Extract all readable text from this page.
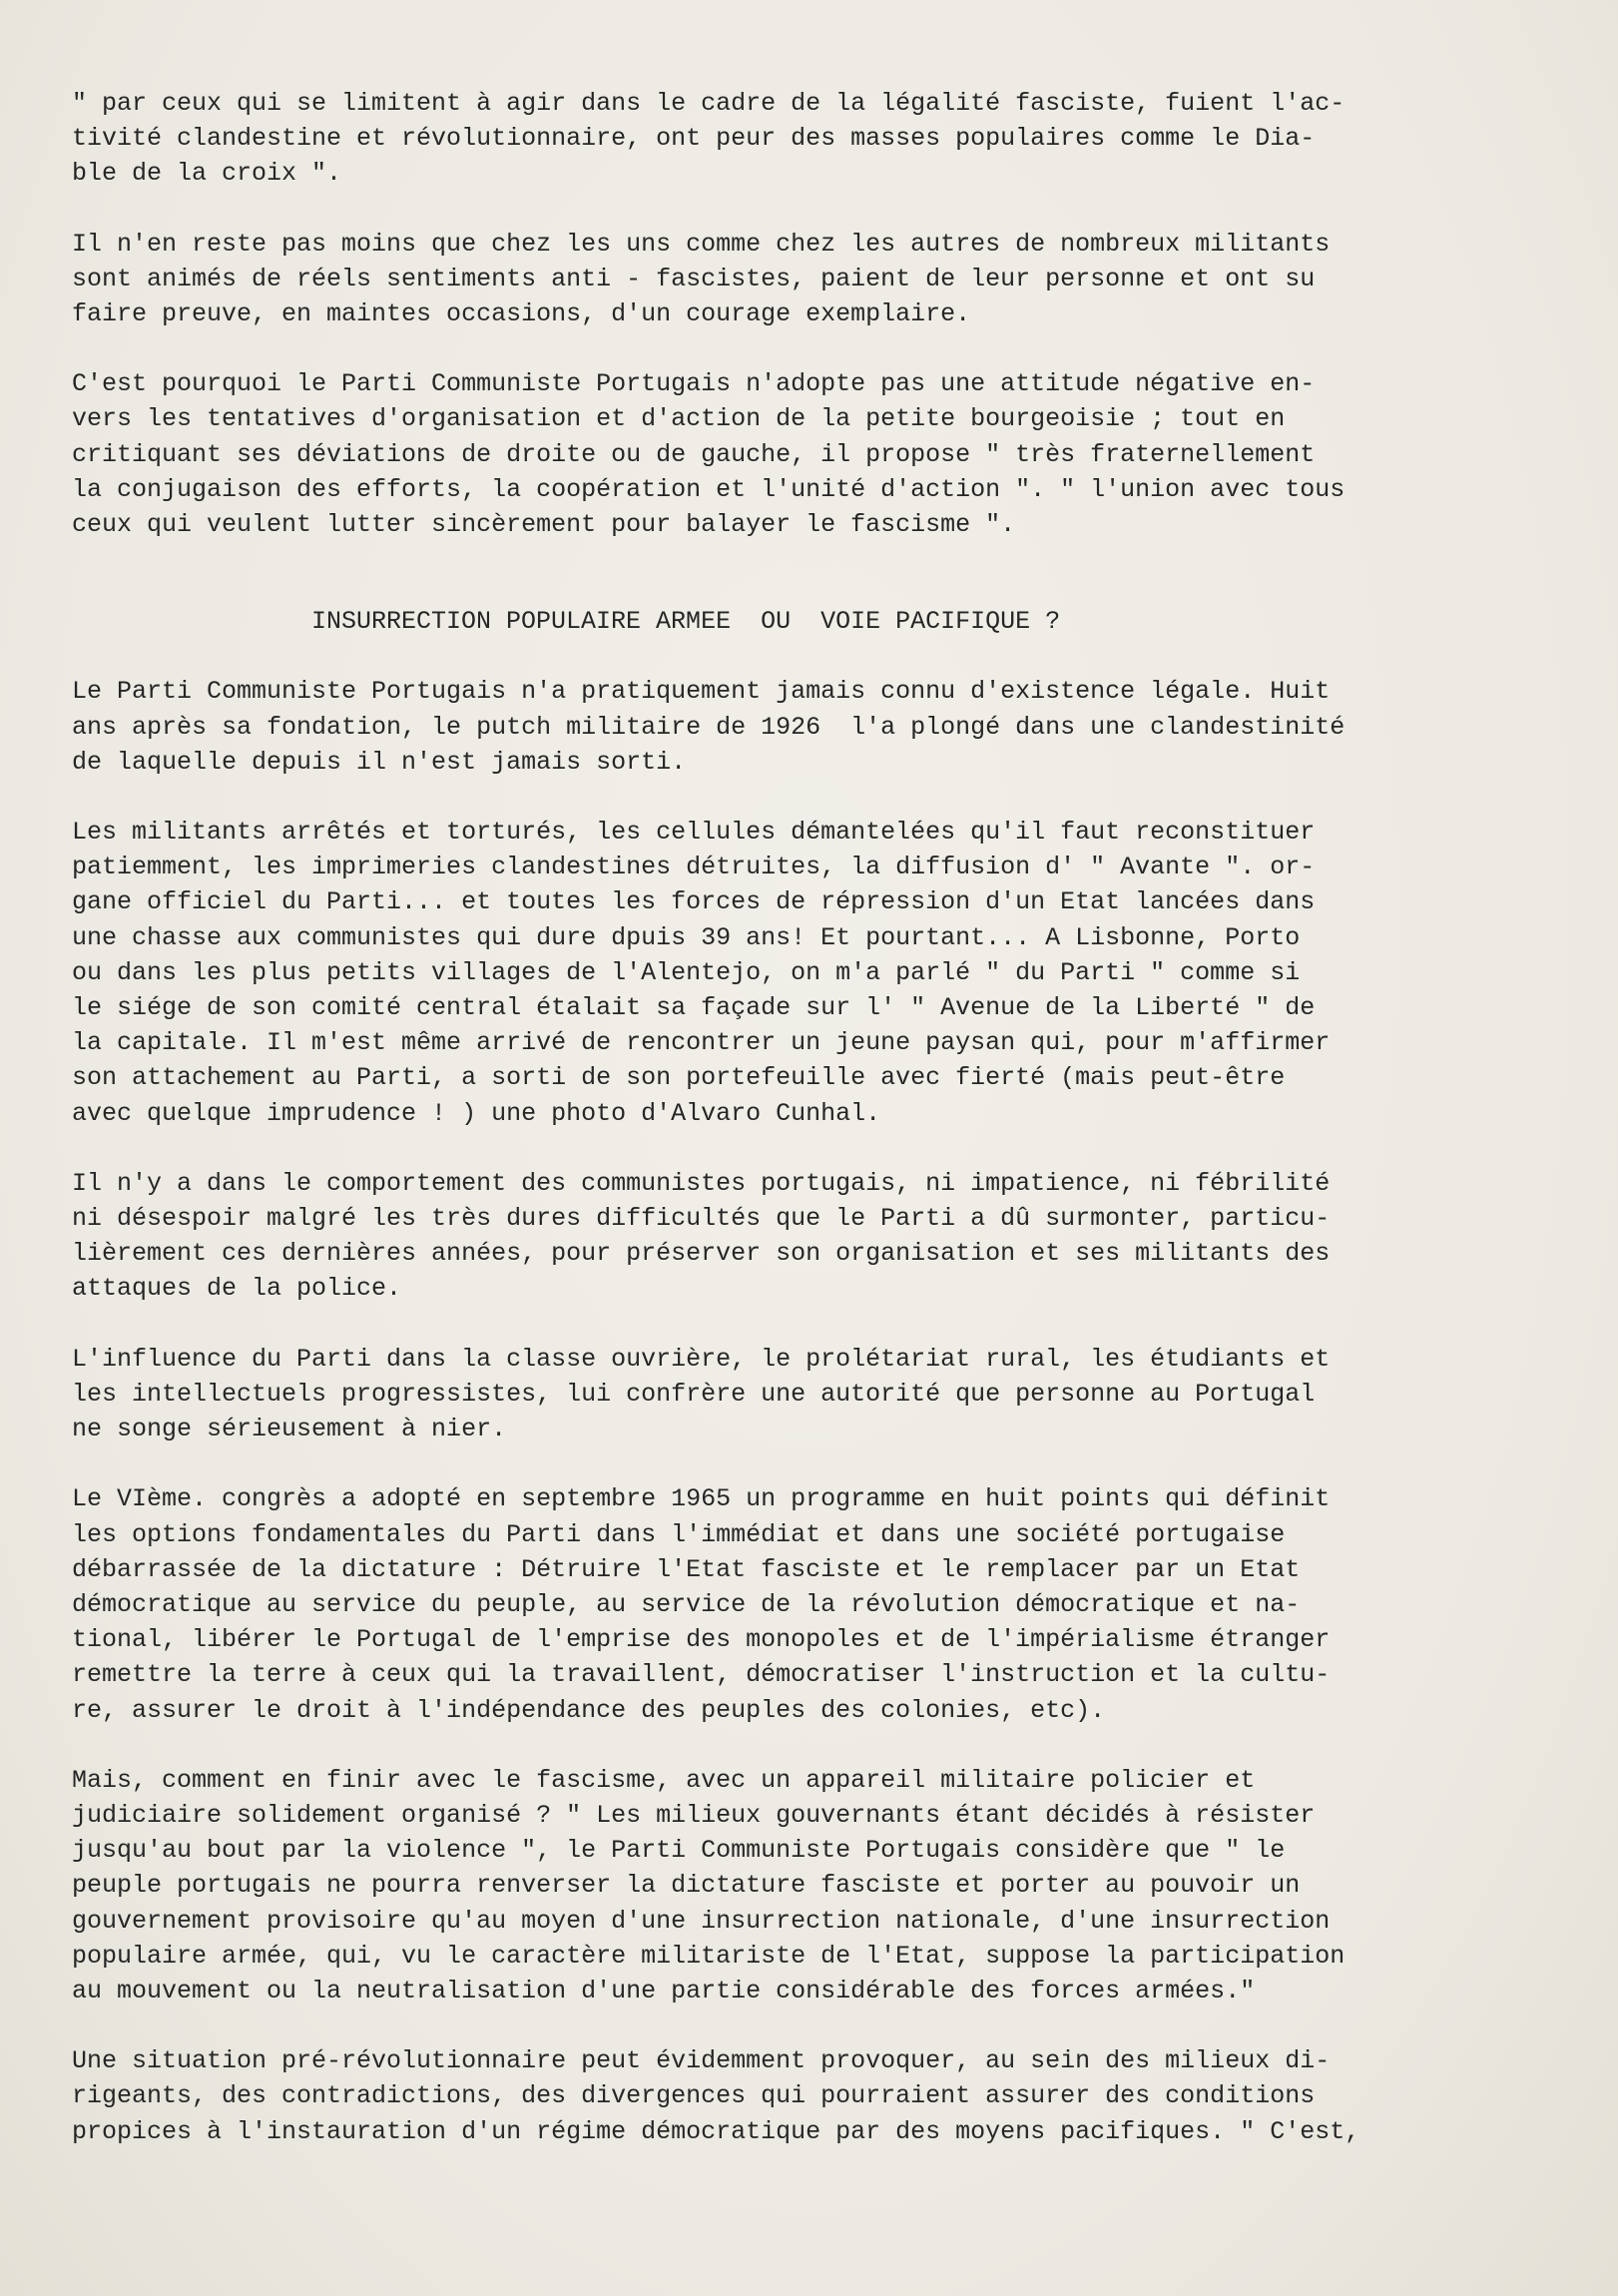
" par ceux qui se limitent à agir dans le cadre de la légalité fasciste, fuient l'ac-
tivité clandestine et révolutionnaire, ont peur des masses populaires comme le Dia-
ble de la croix ".
Il n'en reste pas moins que chez les uns comme chez les autres de nombreux militants
sont animés de réels sentiments anti - fascistes, paient de leur personne et ont su
faire preuve, en maintes occasions, d'un courage exemplaire.
C'est pourquoi le Parti Communiste Portugais n'adopte pas une attitude négative en-
vers les tentatives d'organisation et d'action de la petite bourgeoisie ; tout en
critiquant ses déviations de droite ou de gauche, il propose " très fraternellement
la conjugaison des efforts, la coopération et l'unité d'action ". " l'union avec tous
ceux qui veulent lutter sincèrement pour balayer le fascisme ".
INSURRECTION POPULAIRE ARMEE  OU  VOIE PACIFIQUE ?
Le Parti Communiste Portugais n'a pratiquement jamais connu d'existence légale. Huit
ans après sa fondation, le putch militaire de 1926  l'a plongé dans une clandestinité
de laquelle depuis il n'est jamais sorti.
Les militants arrêtés et torturés, les cellules démantelées qu'il faut reconstituer
patiemment, les imprimeries clandestines détruites, la diffusion d' " Avante ". or-
gane officiel du Parti... et toutes les forces de répression d'un Etat lancées dans
une chasse aux communistes qui dure dpuis 39 ans! Et pourtant... A Lisbonne, Porto
ou dans les plus petits villages de l'Alentejo, on m'a parlé " du Parti " comme si
le siége de son comité central étalait sa façade sur l' " Avenue de la Liberté " de
la capitale. Il m'est même arrivé de rencontrer un jeune paysan qui, pour m'affirmer
son attachement au Parti, a sorti de son portefeuille avec fierté (mais peut-être
avec quelque imprudence ! ) une photo d'Alvaro Cunhal.
Il n'y a dans le comportement des communistes portugais, ni impatience, ni fébrilité
ni désespoir malgré les très dures difficultés que le Parti a dû surmonter, particu-
lièrement ces dernières années, pour préserver son organisation et ses militants des
attaques de la police.
L'influence du Parti dans la classe ouvrière, le prolétariat rural, les étudiants et
les intellectuels progressistes, lui confrère une autorité que personne au Portugal
ne songe sérieusement à nier.
Le VIème. congrès a adopté en septembre 1965 un programme en huit points qui définit
les options fondamentales du Parti dans l'immédiat et dans une société portugaise
débarrassée de la dictature : Détruire l'Etat fasciste et le remplacer par un Etat
démocratique au service du peuple, au service de la révolution démocratique et na-
tional, libérer le Portugal de l'emprise des monopoles et de l'impérialisme étranger
remettre la terre à ceux qui la travaillent, démocratiser l'instruction et la cultu-
re, assurer le droit à l'indépendance des peuples des colonies, etc).
Mais, comment en finir avec le fascisme, avec un appareil militaire policier et
judiciaire solidement organisé ? " Les milieux gouvernants étant décidés à résister
jusqu'au bout par la violence ", le Parti Communiste Portugais considère que " le
peuple portugais ne pourra renverser la dictature fasciste et porter au pouvoir un
gouvernement provisoire qu'au moyen d'une insurrection nationale, d'une insurrection
populaire armée, qui, vu le caractère militariste de l'Etat, suppose la participation
au mouvement ou la neutralisation d'une partie considérable des forces armées."
Une situation pré-révolutionnaire peut évidemment provoquer, au sein des milieux di-
rigeants, des contradictions, des divergences qui pourraient assurer des conditions
propices à l'instauration d'un régime démocratique par des moyens pacifiques. " C'est,
